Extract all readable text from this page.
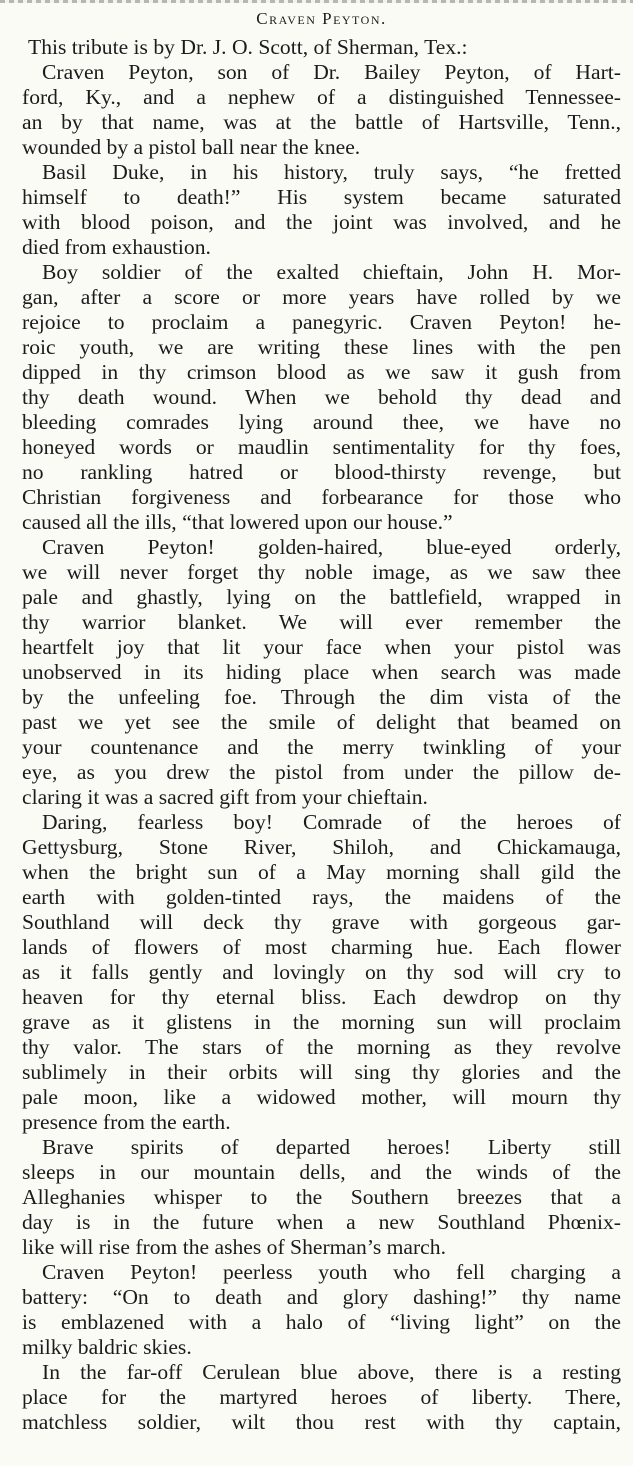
Craven Peyton.

This tribute is by Dr. J. O. Scott, of Sherman, Tex.:

Craven Peyton, son of Dr. Bailey Peyton, of Hart-
ford, Ky., and a nephew of a distinguished Tennessee-
an by that name, was at the battle of Hartsville, Tenn.,
wounded by a pistol ball near the knee.

Basil Duke, in his history, truly says, “he fretted
himself to death!” His system became saturated
with blood poison, and the joint was involved, and he
died from exhaustion.

Boy soldier of the exalted chieftain, John H. Mor-
gan, after a score or more years have rolled by we
rejoice to proclaim a panegyric. Craven Peyton! he-
roic youth, we are writing these lines with the pen
dipped in thy crimson blood as we saw it gush from
thy death wound. When we behold thy dead and
bleeding comrades lying around thee, we have no
honeyed words or maudlin sentimentality for thy foes,
no rankling hatred or blood-thirsty revenge, but
Christian forgiveness and forbearance for those who
caused all the ills, “that lowered upon our house.”

Craven Peyton! golden-haired, blue-eyed orderly,
we will never forget thy noble image, as we saw thee
pale and ghastly, lying on the battlefield, wrapped in
thy warrior blanket. We will ever remember the
heartfelt joy that lit your face when your pistol was
unobserved in its hiding place when search was made
by the unfeeling foe. Through the dim vista of the
past we yet see the smile of delight that beamed on
your countenance and the merry twinkling of your
eye, as you drew the pistol from under the pillow de-
claring it was a sacred gift from your chieftain.

Daring, fearless boy! Comrade of the heroes of
Gettysburg, Stone River, Shiloh, and Chickamauga,
when the bright sun of a May morning shall gild the
earth with golden-tinted rays, the maidens of the
Southland will deck thy grave with gorgeous gar-
lands of flowers of most charming hue. Each flower
as it falls gently and lovingly on thy sod will cry to
heaven for thy eternal bliss. Each dewdrop on thy
grave as it glistens in the morning sun will proclaim
thy valor. The stars of the morning as they revolve
sublimely in their orbits will sing thy glories and the
pale moon, like a widowed mother, will mourn thy
presence from the earth.

Brave spirits of departed heroes! Liberty still
sleeps in our mountain dells, and the winds of the
Alleghanies whisper to the Southern breezes that a
day is in the future when a new Southland Phœnix-
like will rise from the ashes of Sherman’s march.

Craven Peyton! peerless youth who fell charging a
battery: “On to death and glory dashing!” thy name
is emblazened with a halo of “living light” on the
milky baldric skies.

In the far-off Cerulean blue above, there is a resting
place for the martyred heroes of liberty. There,
matchless soldier, wilt thou rest with thy captain,
